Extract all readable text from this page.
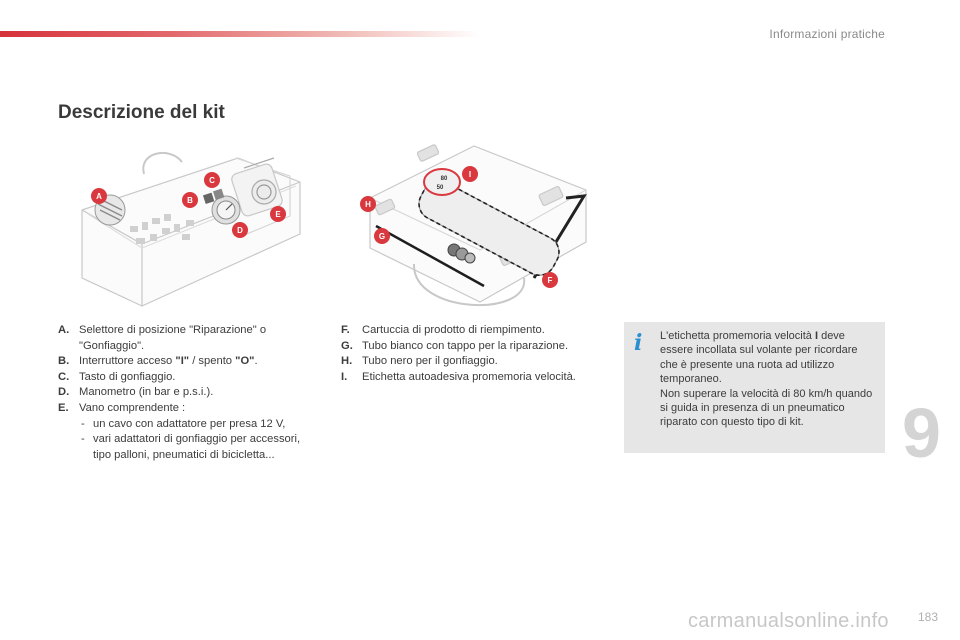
Informazioni pratiche
Descrizione del kit
A	B
C
D
E
80
50
F
G
H
I
A. Selettore di posizione "Riparazione" o "Gonfiaggio".
B. Interruttore acceso "I" / spento "O".
C. Tasto di gonfiaggio.
D. Manometro (in bar e p.s.i.).
E. Vano comprendente :
- un cavo con adattatore per presa 12 V,
- vari adattatori di gonfiaggio per accessori, tipo palloni, pneumatici di bicicletta...
F.	Cartuccia di prodotto di riempimento.
G. Tubo bianco con tappo per la riparazione.
H. Tubo nero per il gonfiaggio.
I.	Etichetta autoadesiva promemoria velocità.
i L'etichetta promemoria velocità I deve essere incollata sul volante per ricordare che è presente una ruota ad utilizzo temporaneo.
Non superare la velocità di 80 km/h quando si guida in presenza di un pneumatico riparato con questo tipo di kit.	9
carmanualsonline.info 183
